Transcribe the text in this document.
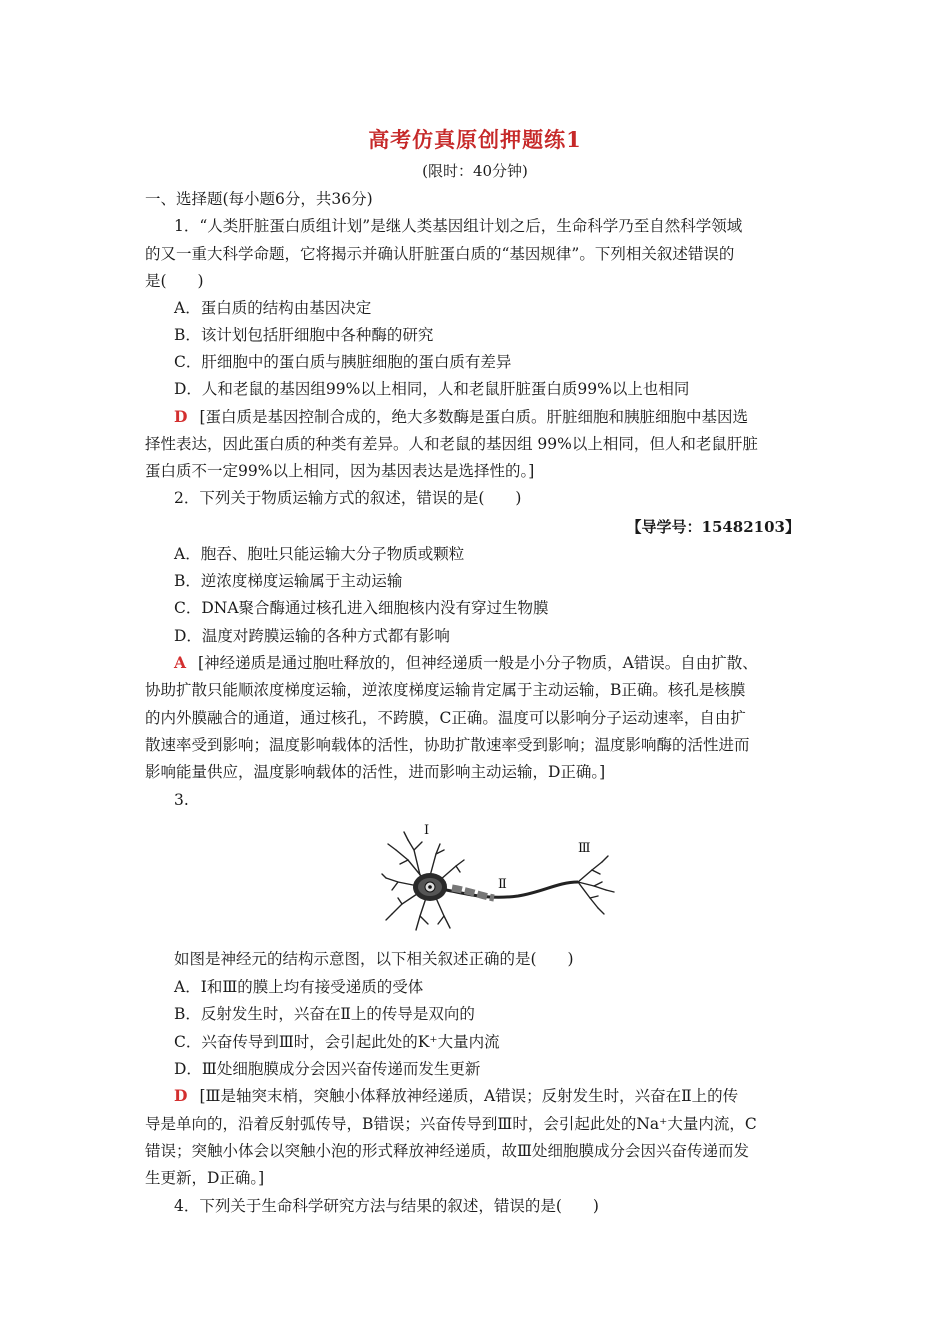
高考仿真原创押题练1
(限时：40分钟)
一、选择题(每小题6分，共36分)
1．“人类肝脏蛋白质组计划”是继人类基因组计划之后，生命科学乃至自然科学领域
的又一重大科学命题，它将揭示并确认肝脏蛋白质的“基因规律”。下列相关叙述错误的
是(　　)
A．蛋白质的结构由基因决定
B．该计划包括肝细胞中各种酶的研究
C．肝细胞中的蛋白质与胰脏细胞的蛋白质有差异
D．人和老鼠的基因组99%以上相同，人和老鼠肝脏蛋白质99%以上也相同
D [蛋白质是基因控制合成的，绝大多数酶是蛋白质。肝脏细胞和胰脏细胞中基因选
择性表达，因此蛋白质的种类有差异。人和老鼠的基因组 99%以上相同，但人和老鼠肝脏
蛋白质不一定99%以上相同，因为基因表达是选择性的。]
2．下列关于物质运输方式的叙述，错误的是(　　)
【导学号：15482103】
A．胞吞、胞吐只能运输大分子物质或颗粒
B．逆浓度梯度运输属于主动运输
C．DNA聚合酶通过核孔进入细胞核内没有穿过生物膜
D．温度对跨膜运输的各种方式都有影响
A [神经递质是通过胞吐释放的，但神经递质一般是小分子物质，A错误。自由扩散、
协助扩散只能顺浓度梯度运输，逆浓度梯度运输肯定属于主动运输，B正确。核孔是核膜
的内外膜融合的通道，通过核孔，不跨膜，C正确。温度可以影响分子运动速率，自由扩
散速率受到影响；温度影响载体的活性，协助扩散速率受到影响；温度影响酶的活性进而
影响能量供应，温度影响载体的活性，进而影响主动运输，D正确。]
3.
Ⅰ
Ⅱ
Ⅲ
如图是神经元的结构示意图，以下相关叙述正确的是(　　)
A．Ⅰ和Ⅲ的膜上均有接受递质的受体
B．反射发生时，兴奋在Ⅱ上的传导是双向的
C．兴奋传导到Ⅲ时，会引起此处的K⁺大量内流
D．Ⅲ处细胞膜成分会因兴奋传递而发生更新
D [Ⅲ是轴突末梢，突触小体释放神经递质，A错误；反射发生时，兴奋在Ⅱ上的传
导是单向的，沿着反射弧传导，B错误；兴奋传导到Ⅲ时，会引起此处的Na⁺大量内流，C
错误；突触小体会以突触小泡的形式释放神经递质，故Ⅲ处细胞膜成分会因兴奋传递而发
生更新，D正确。]
4．下列关于生命科学研究方法与结果的叙述，错误的是(　　)
